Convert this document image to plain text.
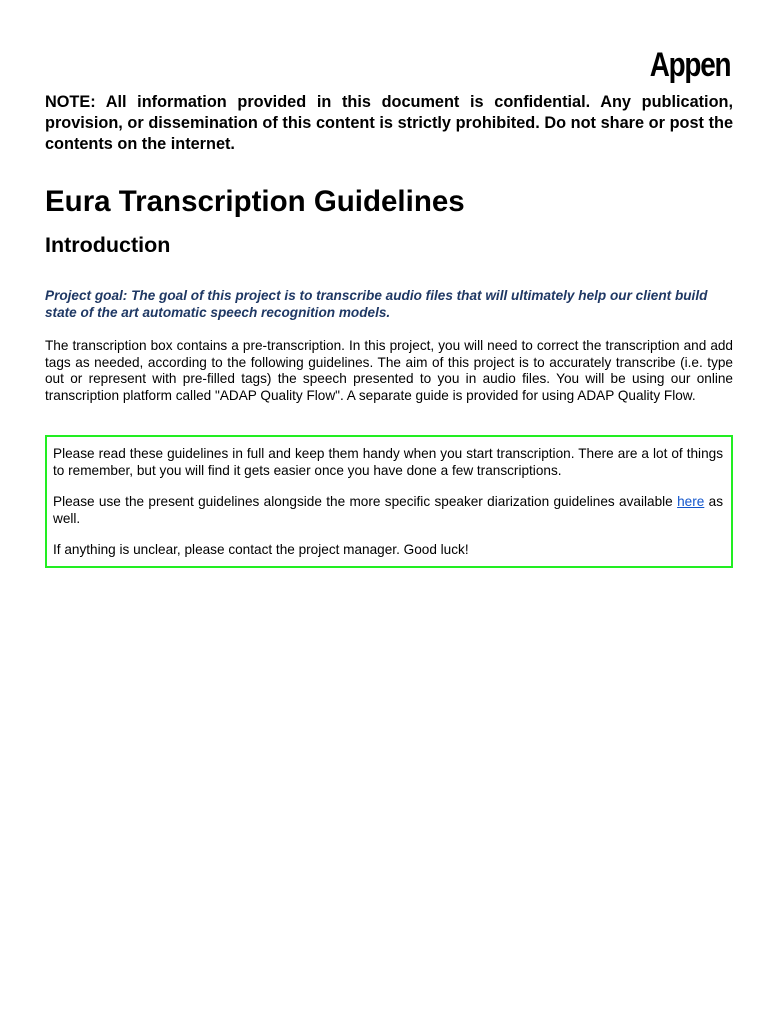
Appen

NOTE: All information provided in this document is confidential. Any publication, provision, or dissemination of this content is strictly prohibited. Do not share or post the contents on the internet.

Eura Transcription Guidelines
Introduction

Project goal: The goal of this project is to transcribe audio files that will ultimately help our client build state of the art automatic speech recognition models.

The transcription box contains a pre-transcription. In this project, you will need to correct the transcription and add tags as needed, according to the following guidelines. The aim of this project is to accurately transcribe (i.e. type out or represent with pre-filled tags) the speech presented to you in audio files. You will be using our online transcription platform called "ADAP Quality Flow". A separate guide is provided for using ADAP Quality Flow.

Please read these guidelines in full and keep them handy when you start transcription. There are a lot of things to remember, but you will find it gets easier once you have done a few transcriptions.

Please use the present guidelines alongside the more specific speaker diarization guidelines available here as well.

If anything is unclear, please contact the project manager. Good luck!
